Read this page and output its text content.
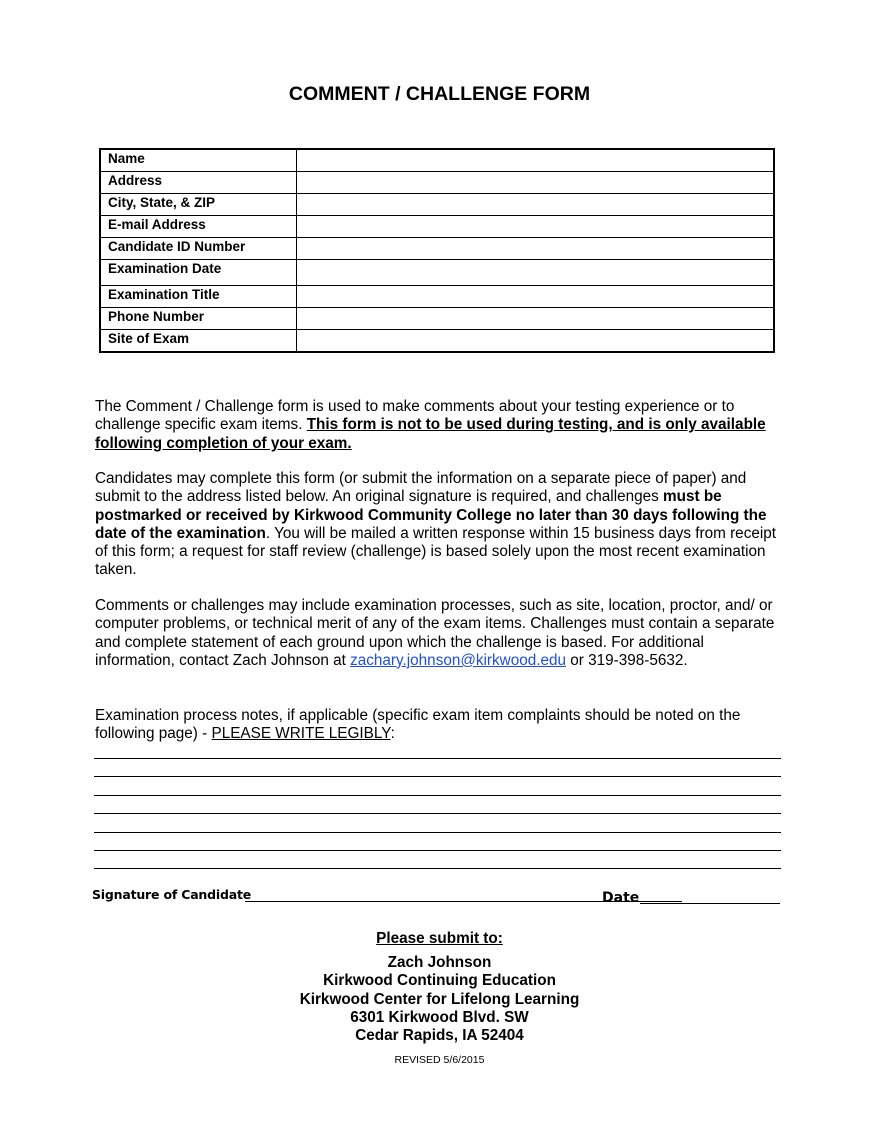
COMMENT / CHALLENGE FORM
Name	
Address	
City, State, & ZIP	
E-mail Address	
Candidate ID Number	
Examination Date	
Examination Title	
Phone Number	
Site of Exam	

The Comment / Challenge form is used to make comments about your testing experience or to challenge specific exam items. This form is not to be used during testing, and is only available following completion of your exam.

Candidates may complete this form (or submit the information on a separate piece of paper) and submit to the address listed below. An original signature is required, and challenges must be postmarked or received by Kirkwood Community College no later than 30 days following the date of the examination. You will be mailed a written response within 15 business days from receipt of this form; a request for staff review (challenge) is based solely upon the most recent examination taken.

Comments or challenges may include examination processes, such as site, location, proctor, and/ or computer problems, or technical merit of any of the exam items. Challenges must contain a separate and complete statement of each ground upon which the challenge is based. For additional information, contact Zach Johnson at zachary.johnson@kirkwood.edu or 319-398-5632.

Examination process notes, if applicable (specific exam item complaints should be noted on the following page) - PLEASE WRITE LEGIBLY:

Signature of Candidate	Date
Please submit to:
Zach Johnson
Kirkwood Continuing Education
Kirkwood Center for Lifelong Learning
6301 Kirkwood Blvd. SW
Cedar Rapids, IA 52404
REVISED 5/6/2015
